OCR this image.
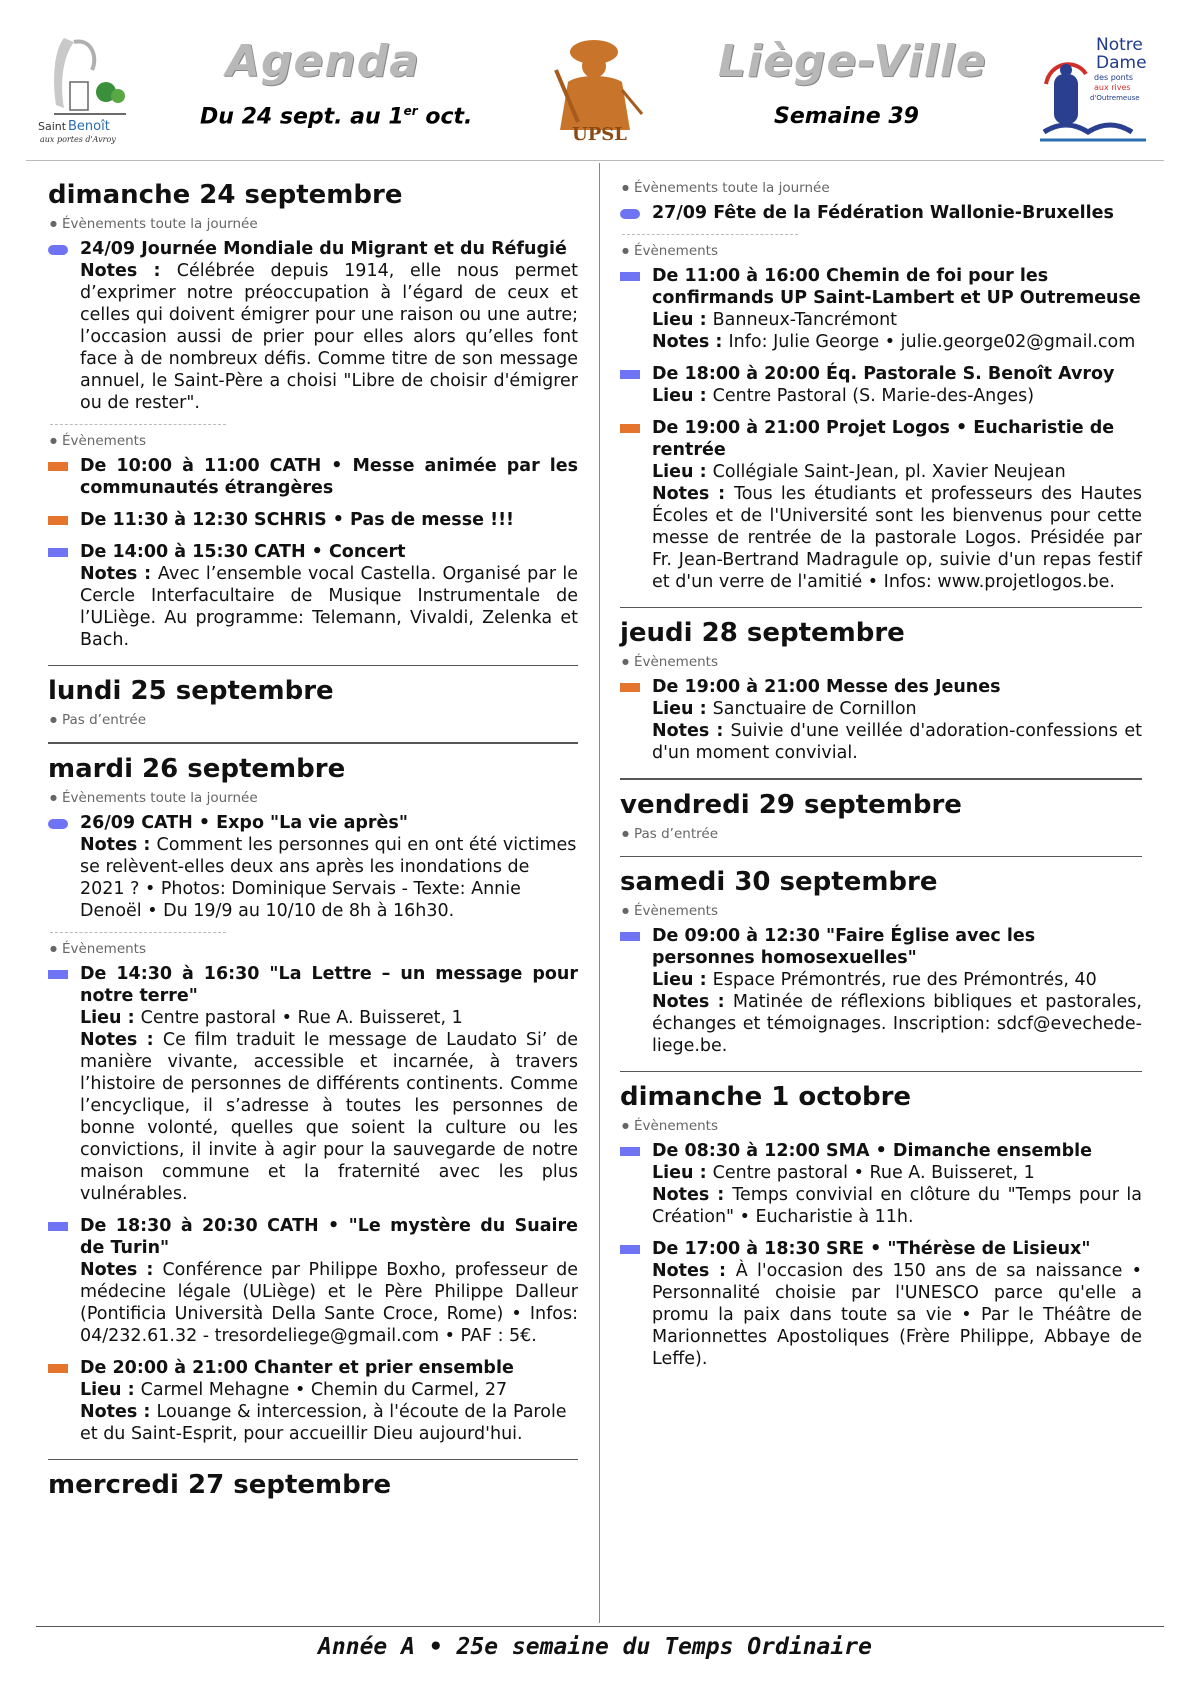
Saint Benoît
aux portes d'Avroy
Agenda	Liège-Ville
Du 24 sept. au 1er oct.	Semaine 39
UPSL
Notre
Dame
des ponts
aux rives
d'Outremeuse
dimanche 24 septembre
● Évènements toute la journée
24/09 Journée Mondiale du Migrant et du Réfugié
Notes : Célébrée depuis 1914, elle nous permet d’exprimer notre préoccupation à l’égard de ceux et celles qui doivent émigrer pour une raison ou une autre; l’occasion aussi de prier pour elles alors qu’elles font face à de nombreux défis. Comme titre de son message annuel, le Saint-Père a choisi "Libre de choisir d'émigrer ou de rester".
● Évènements
De 10:00 à 11:00 CATH • Messe animée par les communautés étrangères
De 11:30 à 12:30 SCHRIS • Pas de messe !!!
De 14:00 à 15:30 CATH • Concert
Notes : Avec l’ensemble vocal Castella. Organisé par le Cercle Interfacultaire de Musique Instrumentale de l’ULiège. Au programme: Telemann, Vivaldi, Zelenka et Bach.
lundi 25 septembre
● Pas d’entrée
mardi 26 septembre
● Évènements toute la journée
26/09 CATH • Expo "La vie après"
Notes : Comment les personnes qui en ont été victimes se relèvent-elles deux ans après les inondations de 2021 ? • Photos: Dominique Servais - Texte: Annie Denoël • Du 19/9 au 10/10 de 8h à 16h30.
● Évènements
De 14:30 à 16:30 "La Lettre – un message pour notre terre"
Lieu : Centre pastoral • Rue A. Buisseret, 1
Notes : Ce film traduit le message de Laudato Si’ de manière vivante, accessible et incarnée, à travers l’histoire de personnes de différents continents. Comme l’encyclique, il s’adresse à toutes les personnes de bonne volonté, quelles que soient la culture ou les convictions, il invite à agir pour la sauvegarde de notre maison commune et la fraternité avec les plus vulnérables.
De 18:30 à 20:30 CATH • "Le mystère du Suaire de Turin"
Notes : Conférence par Philippe Boxho, professeur de médecine légale (ULiège) et le Père Philippe Dalleur (Pontificia Università Della Sante Croce, Rome) • Infos: 04/232.61.32 - tresordeliege@gmail.com • PAF : 5€.
De 20:00 à 21:00 Chanter et prier ensemble
Lieu : Carmel Mehagne • Chemin du Carmel, 27
Notes : Louange & intercession, à l'écoute de la Parole et du Saint-Esprit, pour accueillir Dieu aujourd'hui.
mercredi 27 septembre
● Évènements toute la journée
27/09 Fête de la Fédération Wallonie-Bruxelles
● Évènements
De 11:00 à 16:00 Chemin de foi pour les confirmands UP Saint-Lambert et UP Outremeuse
Lieu : Banneux-Tancrémont
Notes : Info: Julie George • julie.george02@gmail.com
De 18:00 à 20:00 Éq. Pastorale S. Benoît Avroy
Lieu : Centre Pastoral (S. Marie-des-Anges)
De 19:00 à 21:00 Projet Logos • Eucharistie de rentrée
Lieu : Collégiale Saint-Jean, pl. Xavier Neujean
Notes : Tous les étudiants et professeurs des Hautes Écoles et de l'Université sont les bienvenus pour cette messe de rentrée de la pastorale Logos. Présidée par Fr. Jean-Bertrand Madragule op, suivie d'un repas festif et d'un verre de l'amitié • Infos: www.projetlogos.be.
jeudi 28 septembre
● Évènements
De 19:00 à 21:00 Messe des Jeunes
Lieu : Sanctuaire de Cornillon
Notes : Suivie d'une veillée d'adoration-confessions et d'un moment convivial.
vendredi 29 septembre
● Pas d’entrée
samedi 30 septembre
● Évènements
De 09:00 à 12:30 "Faire Église avec les personnes homosexuelles"
Lieu : Espace Prémontrés, rue des Prémontrés, 40
Notes : Matinée de réflexions bibliques et pastorales, échanges et témoignages. Inscription: sdcf@evechede-liege.be.
dimanche 1 octobre
● Évènements
De 08:30 à 12:00 SMA • Dimanche ensemble
Lieu : Centre pastoral • Rue A. Buisseret, 1
Notes : Temps convivial en clôture du "Temps pour la Création" • Eucharistie à 11h.
De 17:00 à 18:30 SRE • "Thérèse de Lisieux"
Notes : À l'occasion des 150 ans de sa naissance • Personnalité choisie par l'UNESCO parce qu'elle a promu la paix dans toute sa vie • Par le Théâtre de Marionnettes Apostoliques (Frère Philippe, Abbaye de Leffe).
Année A • 25e semaine du Temps Ordinaire
